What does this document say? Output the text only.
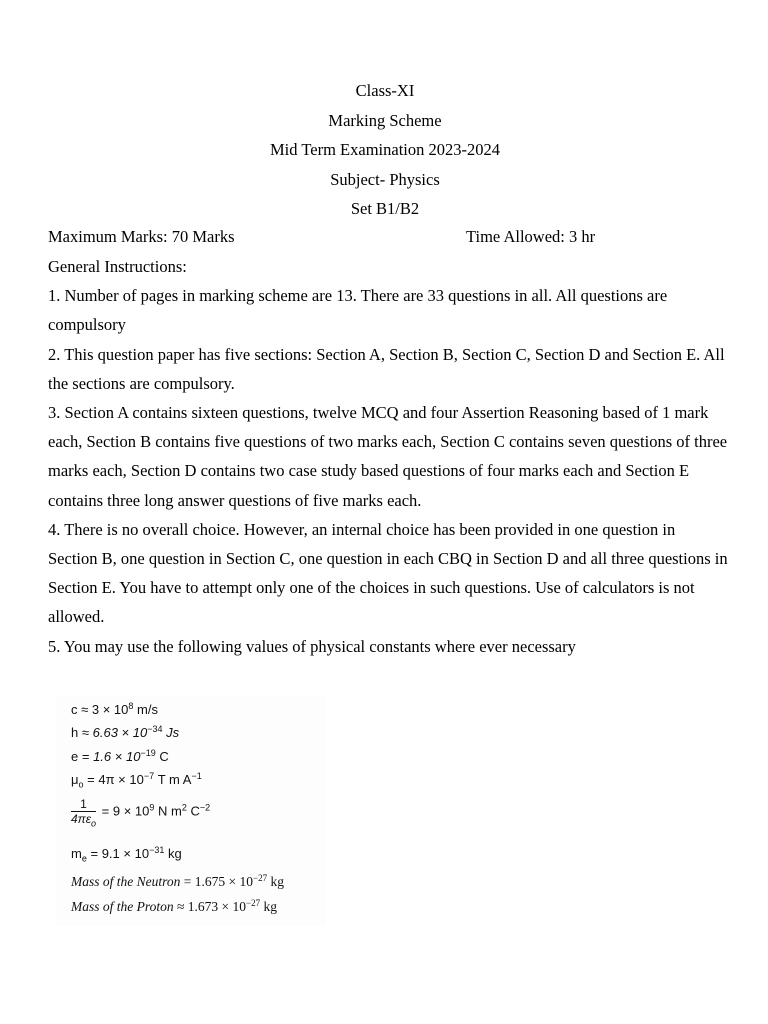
Class-XI
Marking Scheme
Mid Term Examination 2023-2024
Subject- Physics
Set B1/B2
Maximum Marks: 70 Marks	Time Allowed: 3 hr

General Instructions:

1. Number of pages in marking scheme are 13. There are 33 questions in all. All questions are compulsory

2. This question paper has five sections: Section A, Section B, Section C, Section D and Section E. All the sections are compulsory.

3. Section A contains sixteen questions, twelve MCQ and four Assertion Reasoning based of 1 mark each, Section B contains five questions of two marks each, Section C contains seven questions of three marks each, Section D contains two case study based questions of four marks each and Section E contains three long answer questions of five marks each.

4. There is no overall choice. However, an internal choice has been provided in one question in Section B, one question in Section C, one question in each CBQ in Section D and all three questions in Section E. You have to attempt only one of the choices in such questions. Use of calculators is not allowed.

5. You may use the following values of physical constants where ever necessary

$c \approx 3 \times 10^8$ m/s
$h \approx 6.63 \times 10^{-34}$ Js
$e = 1.6 \times 10^{-19}$ C
$\mu_o = 4\pi \times 10^{-7}$ T m $A^{-1}$
$\frac{1}{4\pi\varepsilon_o} = 9 \times 10^9$ N $m^2$ $C^{-2}$
$m_e = 9.1 \times 10^{-31}$ kg
Mass of the Neutron = $1.675 \times 10^{-27}$ kg
Mass of the Proton ≈ $1.673 \times 10^{-27}$ kg
